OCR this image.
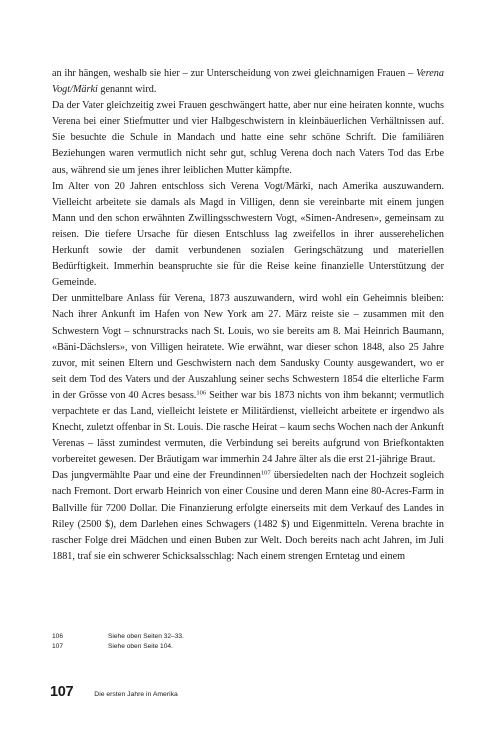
an ihr hängen, weshalb sie hier – zur Unterscheidung von zwei gleichnamigen Frauen – Verena Vogt/Märki genannt wird.

Da der Vater gleichzeitig zwei Frauen geschwängert hatte, aber nur eine heiraten konnte, wuchs Verena bei einer Stiefmutter und vier Halbgeschwistern in kleinbäuerlichen Verhältnissen auf. Sie besuchte die Schule in Mandach und hatte eine sehr schöne Schrift. Die familiären Beziehungen waren vermutlich nicht sehr gut, schlug Verena doch nach Vaters Tod das Erbe aus, während sie um jenes ihrer leiblichen Mutter kämpfte.

Im Alter von 20 Jahren entschloss sich Verena Vogt/Märki, nach Amerika auszuwandern. Vielleicht arbeitete sie damals als Magd in Villigen, denn sie vereinbarte mit einem jungen Mann und den schon erwähnten Zwillingsschwestern Vogt, «Simen-Andresen», gemeinsam zu reisen. Die tiefere Ursache für diesen Entschluss lag zweifellos in ihrer ausserehelichen Herkunft sowie der damit verbundenen sozialen Geringschätzung und materiellen Bedürftigkeit. Immerhin beanspruchte sie für die Reise keine finanzielle Unterstützung der Gemeinde.

Der unmittelbare Anlass für Verena, 1873 auszuwandern, wird wohl ein Geheimnis bleiben: Nach ihrer Ankunft im Hafen von New York am 27. März reiste sie – zusammen mit den Schwestern Vogt – schnurstracks nach St. Louis, wo sie bereits am 8. Mai Heinrich Baumann, «Bäni-Dächslers», von Villigen heiratete. Wie erwähnt, war dieser schon 1848, also 25 Jahre zuvor, mit seinen Eltern und Geschwistern nach dem Sandusky County ausgewandert, wo er seit dem Tod des Vaters und der Auszahlung seiner sechs Schwestern 1854 die elterliche Farm in der Grösse von 40 Acres besass.$^{106}$ Seither war bis 1873 nichts von ihm bekannt; vermutlich verpachtete er das Land, vielleicht leistete er Militärdienst, vielleicht arbeitete er irgendwo als Knecht, zuletzt offenbar in St. Louis. Die rasche Heirat – kaum sechs Wochen nach der Ankunft Verenas – lässt zumindest vermuten, die Verbindung sei bereits aufgrund von Briefkontakten vorbereitet gewesen. Der Bräutigam war immerhin 24 Jahre älter als die erst 21-jährige Braut.

Das jungvermählte Paar und eine der Freundinnen$^{107}$ übersiedelten nach der Hochzeit sogleich nach Fremont. Dort erwarb Heinrich von einer Cousine und deren Mann eine 80-Acres-Farm in Ballville für 7200 Dollar. Die Finanzierung erfolgte einerseits mit dem Verkauf des Landes in Riley (2500 $), dem Darlehen eines Schwagers (1482 $) und Eigenmitteln. Verena brachte in rascher Folge drei Mädchen und einen Buben zur Welt. Doch bereits nach acht Jahren, im Juli 1881, traf sie ein schwerer Schicksalsschlag: Nach einem strengen Erntetag und einem

106	Siehe oben Seiten 32–33.
107	Siehe oben Seite 104.
107	Die ersten Jahre in Amerika
